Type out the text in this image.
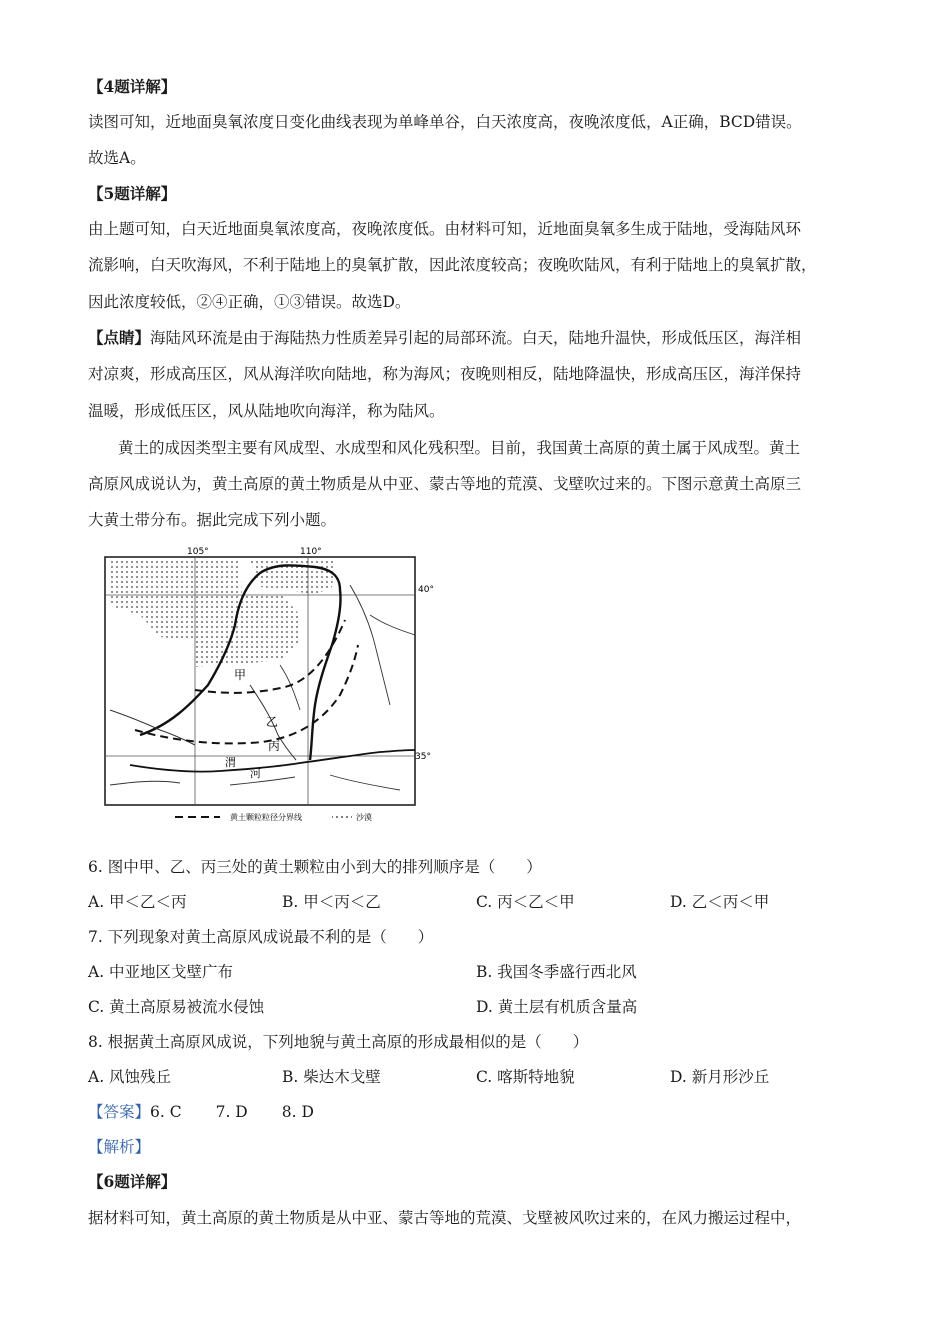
【4题详解】
读图可知，近地面臭氧浓度日变化曲线表现为单峰单谷，白天浓度高，夜晚浓度低，A正确，BCD错误。
故选A。
【5题详解】
由上题可知，白天近地面臭氧浓度高，夜晚浓度低。由材料可知，近地面臭氧多生成于陆地，受海陆风环
流影响，白天吹海风，不利于陆地上的臭氧扩散，因此浓度较高；夜晚吹陆风，有利于陆地上的臭氧扩散，
因此浓度较低，②④正确，①③错误。故选D。
【点睛】海陆风环流是由于海陆热力性质差异引起的局部环流。白天，陆地升温快，形成低压区，海洋相
对凉爽，形成高压区，风从海洋吹向陆地，称为海风；夜晚则相反，陆地降温快，形成高压区，海洋保持
温暖，形成低压区，风从陆地吹向海洋，称为陆风。
黄土的成因类型主要有风成型、水成型和风化残积型。目前，我国黄土高原的黄土属于风成型。黄土
高原风成说认为，黄土高原的黄土物质是从中亚、蒙古等地的荒漠、戈壁吹过来的。下图示意黄土高原三
大黄土带分布。据此完成下列小题。
105°	110°
40°
35°
甲
乙
丙
渭
河
黄土颗粒粒径分界线	沙漠
6. 图中甲、乙、丙三处的黄土颗粒由小到大的排列顺序是（　　）
A. 甲＜乙＜丙	B. 甲＜丙＜乙	C. 丙＜乙＜甲	D. 乙＜丙＜甲
7. 下列现象对黄土高原风成说最不利的是（　　）
A. 中亚地区戈壁广布	B. 我国冬季盛行西北风
C. 黄土高原易被流水侵蚀	D. 黄土层有机质含量高
8. 根据黄土高原风成说，下列地貌与黄土高原的形成最相似的是（　　）
A. 风蚀残丘	B. 柴达木戈壁	C. 喀斯特地貌	D. 新月形沙丘
【答案】6. C 7. D 8. D
【解析】
【6题详解】
据材料可知，黄土高原的黄土物质是从中亚、蒙古等地的荒漠、戈壁被风吹过来的，在风力搬运过程中，
